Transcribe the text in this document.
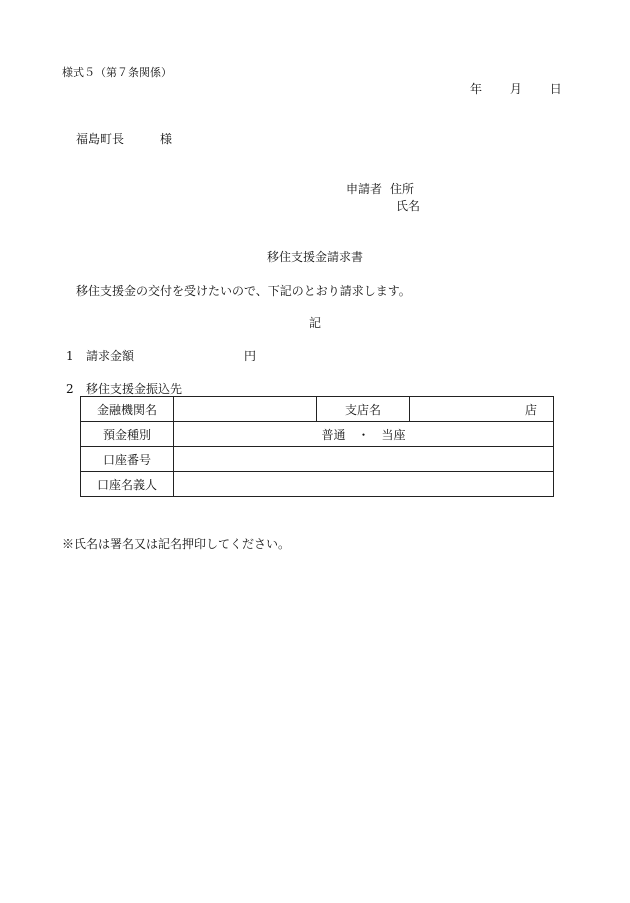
様式５（第７条関係）
年 月 日
福島町長	様
申請者 住所
氏名
移住支援金請求書
移住支援金の交付を受けたいので、下記のとおり請求します。
記
1 請求金額	円
2 移住支援金振込先
金融機関名		支店名	店
預金種別	普通　・　当座		
口座番号			
口座名義人			
※氏名は署名又は記名押印してください。
